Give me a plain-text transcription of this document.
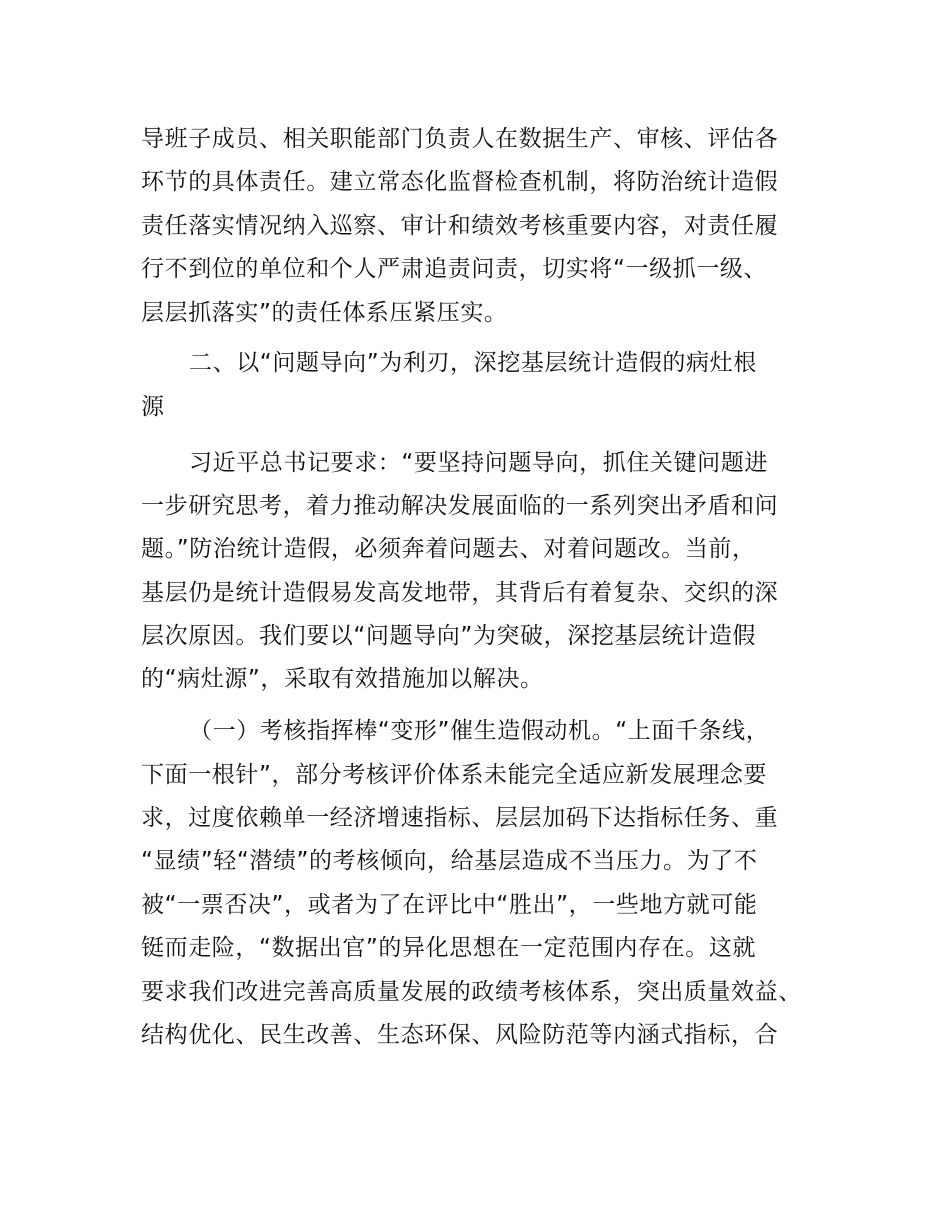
导班子成员、相关职能部门负责人在数据生产、审核、评估各
环节的具体责任。建立常态化监督检查机制，将防治统计造假
责任落实情况纳入巡察、审计和绩效考核重要内容，对责任履
行不到位的单位和个人严肃追责问责，切实将“一级抓一级、
层层抓落实”的责任体系压紧压实。
二、以“问题导向”为利刃，深挖基层统计造假的病灶根
源
习近平总书记要求：“要坚持问题导向，抓住关键问题进
一步研究思考，着力推动解决发展面临的一系列突出矛盾和问
题。”防治统计造假，必须奔着问题去、对着问题改。当前，
基层仍是统计造假易发高发地带，其背后有着复杂、交织的深
层次原因。我们要以“问题导向”为突破，深挖基层统计造假
的“病灶源”，采取有效措施加以解决。
（一）考核指挥棒“变形”催生造假动机。“上面千条线，
下面一根针”，部分考核评价体系未能完全适应新发展理念要
求，过度依赖单一经济增速指标、层层加码下达指标任务、重
“显绩”轻“潜绩”的考核倾向，给基层造成不当压力。为了不
被“一票否决”，或者为了在评比中“胜出”，一些地方就可能
铤而走险，“数据出官”的异化思想在一定范围内存在。这就
要求我们改进完善高质量发展的政绩考核体系，突出质量效益、
结构优化、民生改善、生态环保、风险防范等内涵式指标，合
